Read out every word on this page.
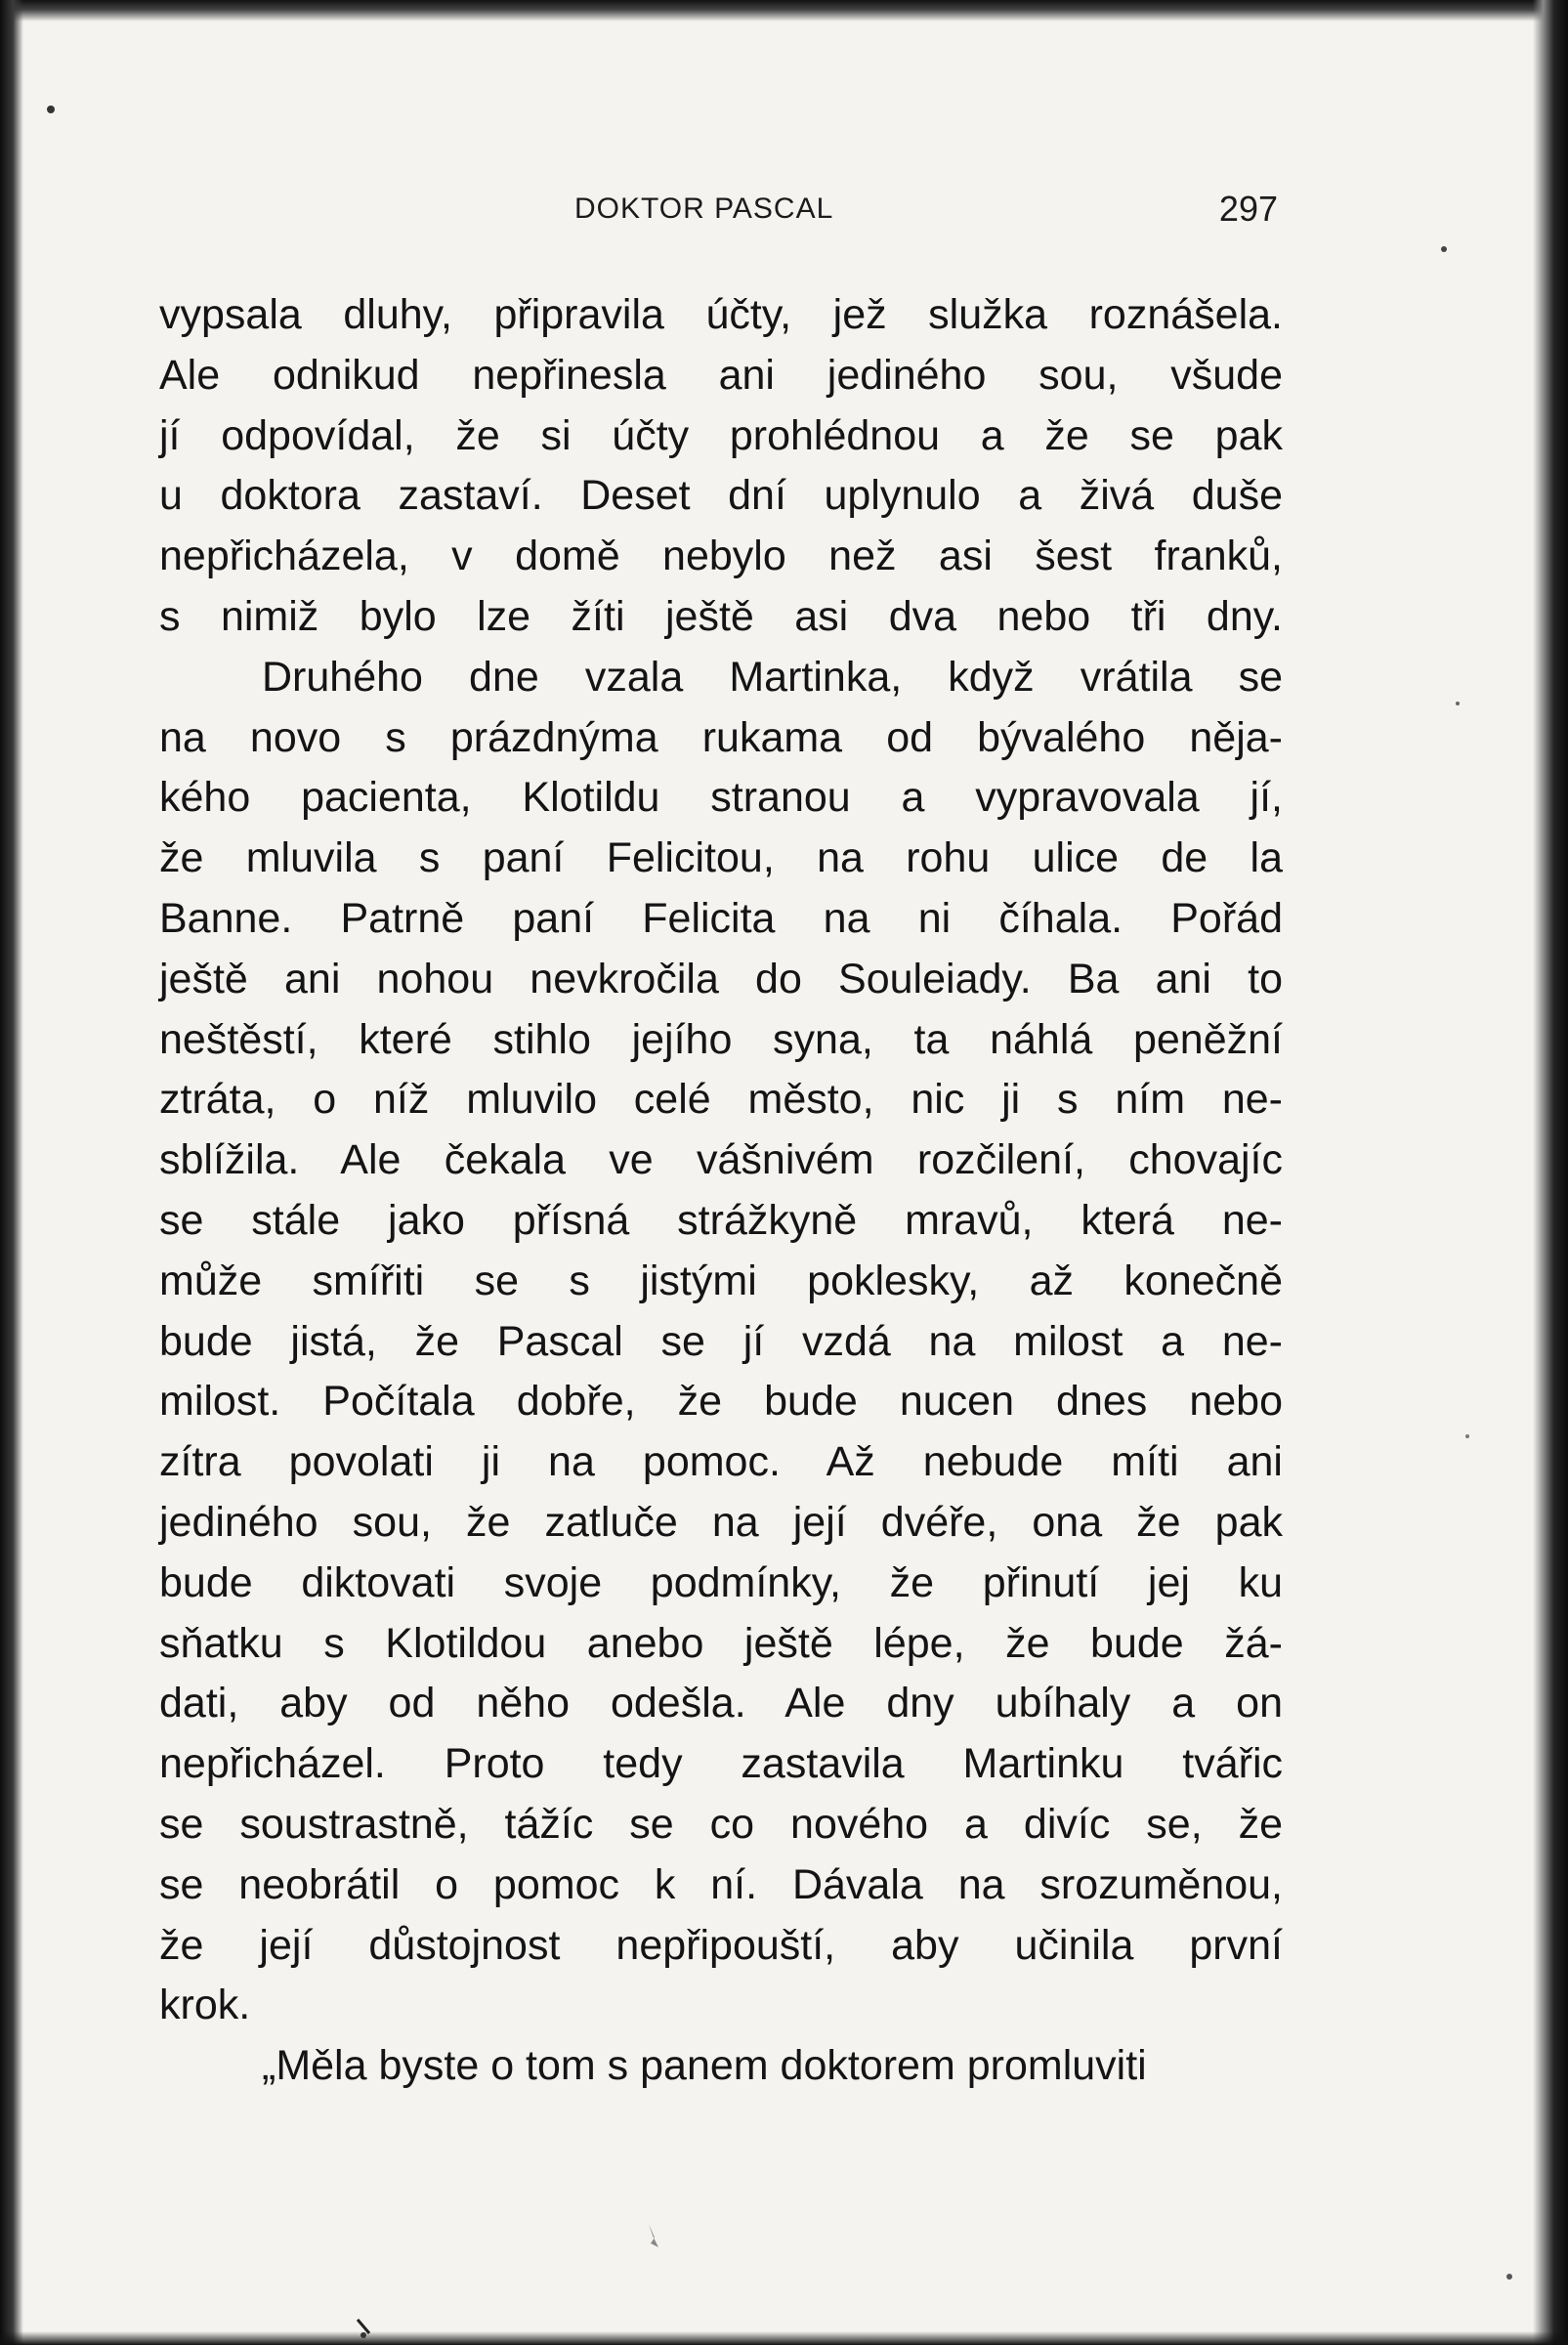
DOKTOR PASCAL	297
vypsala dluhy, připravila účty, jež služka roznášela.
Ale odnikud nepřinesla ani jediného sou, všude
jí odpovídal, že si účty prohlédnou a že se pak
u doktora zastaví. Deset dní uplynulo a živá duše
nepřicházela, v domě nebylo než asi šest franků,
s nimiž bylo lze žíti ještě asi dva nebo tři dny.
Druhého dne vzala Martinka, když vrátila se
na novo s prázdnýma rukama od bývalého něja-
kého pacienta, Klotildu stranou a vypravovala jí,
že mluvila s paní Felicitou, na rohu ulice de la
Banne. Patrně paní Felicita na ni číhala. Pořád
ještě ani nohou nevkročila do Souleiady. Ba ani to
neštěstí, které stihlo jejího syna, ta náhlá peněžní
ztráta, o níž mluvilo celé město, nic ji s ním ne-
sblížila. Ale čekala ve vášnivém rozčilení, chovajíc
se stále jako přísná strážkyně mravů, která ne-
může smířiti se s jistými poklesky, až konečně
bude jistá, že Pascal se jí vzdá na milost a ne-
milost. Počítala dobře, že bude nucen dnes nebo
zítra povolati ji na pomoc. Až nebude míti ani
jediného sou, že zatluče na její dvéře, ona že pak
bude diktovati svoje podmínky, že přinutí jej ku
sňatku s Klotildou anebo ještě lépe, že bude žá-
dati, aby od něho odešla. Ale dny ubíhaly a on
nepřicházel. Proto tedy zastavila Martinku tvářic
se soustrastně, tážíc se co nového a divíc se, že
se neobrátil o pomoc k ní. Dávala na srozuměnou,
že její důstojnost nepřipouští, aby učinila první
krok.
„Měla byste o tom s panem doktorem promluviti
